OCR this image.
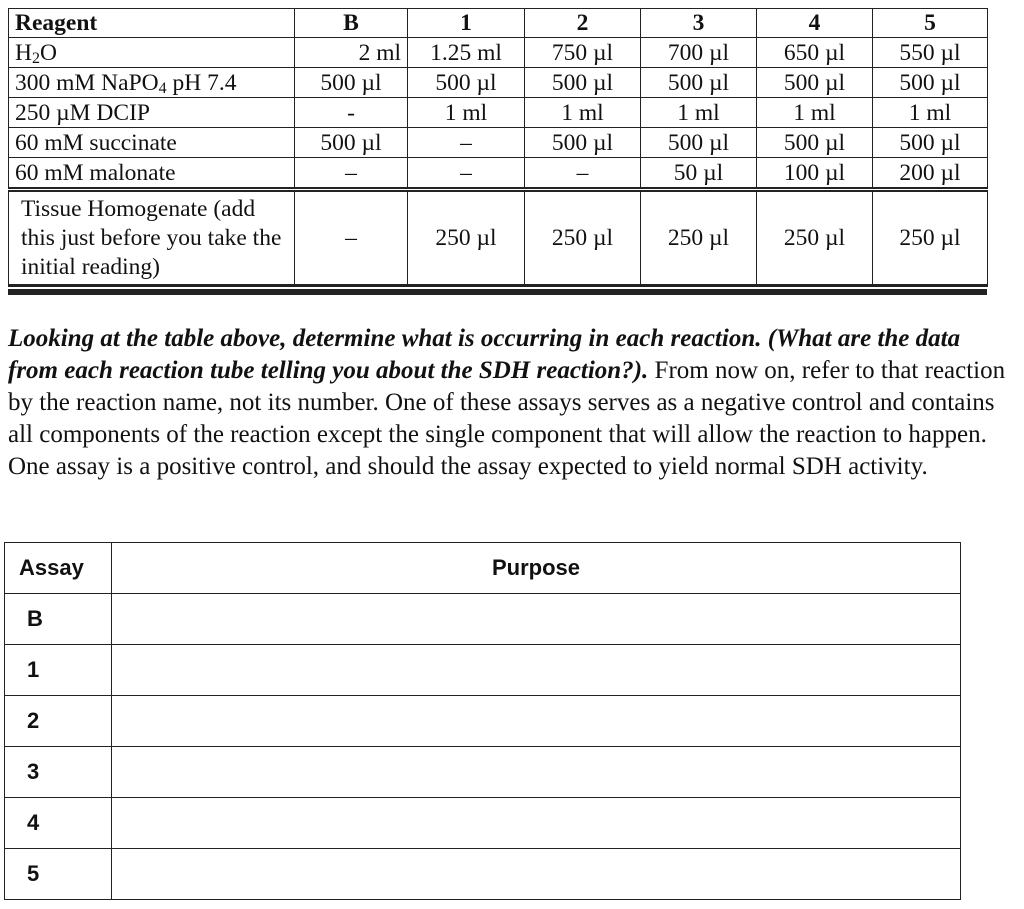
Reagent	B	1	2	3	4	5
$H_2O$	2 ml	1.25 ml	750 µl	700 µl	650 µl	550 µl
300 mM NaPO$_4$ pH 7.4	500 µl	500 µl	500 µl	500 µl	500 µl	500 µl
250 µM DCIP	-	1 ml	1 ml	1 ml	1 ml	1 ml
60 mM succinate	500 µl	–	500 µl	500 µl	500 µl	500 µl
60 mM malonate	–	–	–	50 µl	100 µl	200 µl
Tissue Homogenate (add this just before you take the initial reading)	–	250 µl	250 µl	250 µl	250 µl	250 µl

Looking at the table above, determine what is occurring in each reaction. (What are the data from each reaction tube telling you about the SDH reaction?). From now on, refer to that reaction by the reaction name, not its number. One of these assays serves as a negative control and contains all components of the reaction except the single component that will allow the reaction to happen. One assay is a positive control, and should the assay expected to yield normal SDH activity.

Assay	Purpose
B	
1	
2	
3	
4	
5	
